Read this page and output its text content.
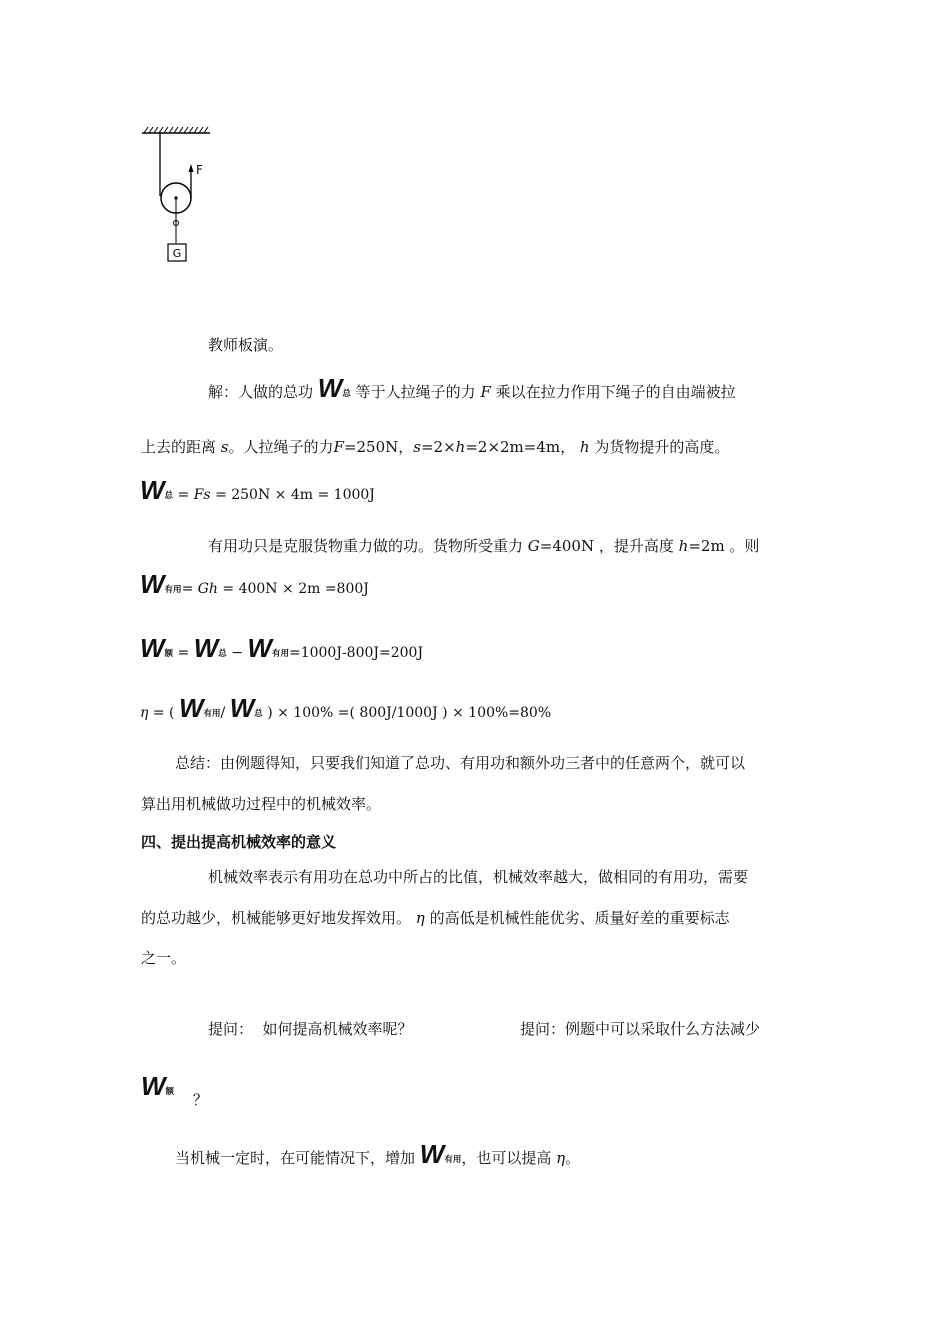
F
G
教师板演。
解：人做的总功 W总 等于人拉绳子的力 F 乘以在拉力作用下绳子的自由端被拉
上去的距离 s。人拉绳子的力F=250N，s=2×h=2×2m=4m， h 为货物提升的高度。
W总 = Fs = 250N × 4m = 1000J
有用功只是克服货物重力做的功。货物所受重力 G=400N ，提升高度 h=2m 。则
W有用= Gh = 400N × 2m =800J
W额 = W总 − W有用=1000J-800J=200J
η = ( W有用/ W总 ) × 100% =( 800J/1000J ) × 100%=80%
总结：由例题得知，只要我们知道了总功、有用功和额外功三者中的任意两个，就可以
算出用机械做功过程中的机械效率。
四、提出提高机械效率的意义
机械效率表示有用功在总功中所占的比值，机械效率越大，做相同的有用功，需要
的总功越少，机械能够更好地发挥效用。 η 的高低是机械性能优劣、质量好差的重要标志
之一。
提问：  如何提高机械效率呢？	提问：例题中可以采取什么方法减少
W额 ？
当机械一定时，在可能情况下，增加 W有用，也可以提高 η。
